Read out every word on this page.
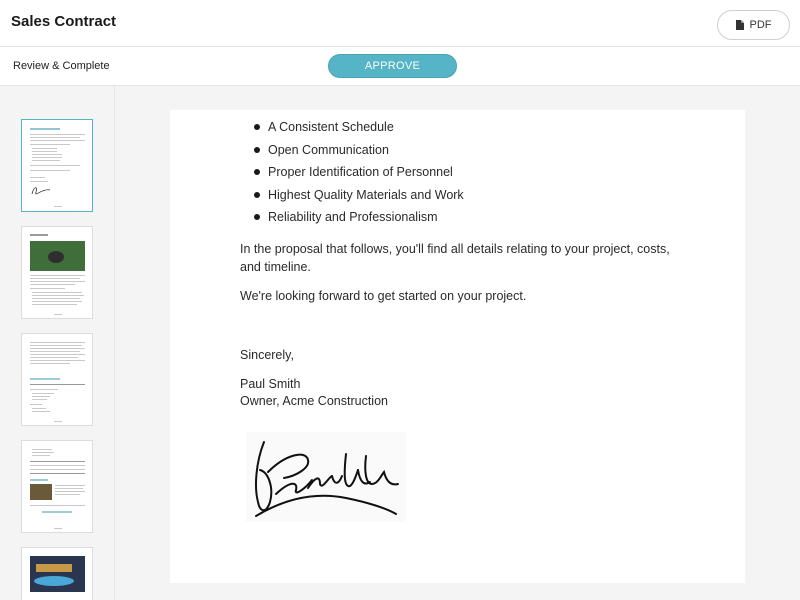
Sales Contract	PDF
Review & Complete	APPROVE
A Consistent Schedule
Open Communication
Proper Identification of Personnel
Highest Quality Materials and Work
Reliability and Professionalism
In the proposal that follows, you'll find all details relating to your project, costs, and timeline.
We're looking forward to get started on your project.
Sincerely,
Paul Smith
Owner, Acme Construction
